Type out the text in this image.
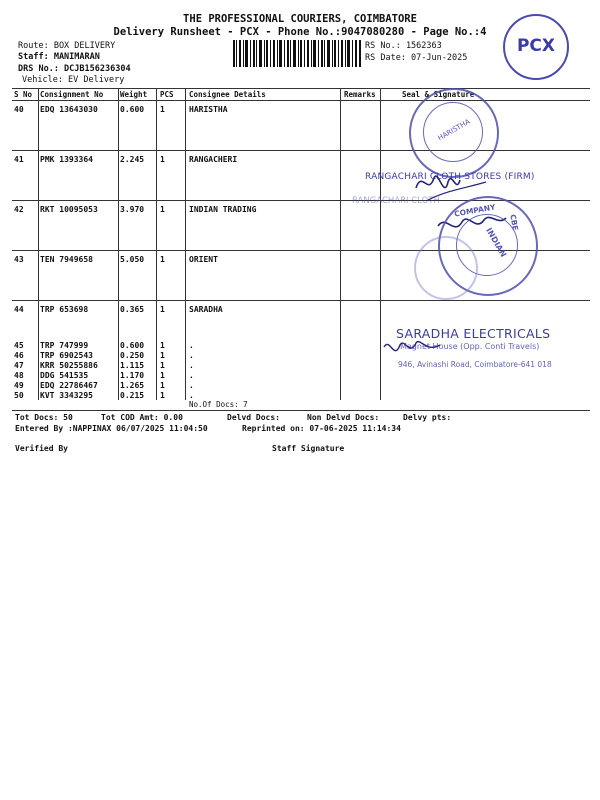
THE PROFESSIONAL COURIERS, COIMBATORE
Delivery Runsheet - PCX - Phone No.:9047080280 - Page No.:4
PCX
Route: BOX DELIVERY
Staff: MANIMARAN
DRS No.: DCJB156236304
Vehicle: EV Delivery
RS No.: 1562363
RS Date: 07-Jun-2025
S No Consignment No Weight PCS Consignee Details	Remarks	Seal & Signature
40 EDQ 13643030	0.600 1	HARISTHA
41 PMK 1393364	2.245 1	RANGACHERI
42 RKT 10095053	3.970 1	INDIAN TRADING
43 TEN 7949658	5.050 1	ORIENT
44 TRP 653698	0.365 1	SARADHA
45 TRP 747999	0.600 1	.
46 TRP 6902543	0.250 1	.
47 KRR 50255886	1.115 1	.
48 DDG 541535	1.170 1	.
49 EDQ 22786467	1.265 1	.
50 KVT 3343295	0.215 1	.
No.Of Docs: 7
Tot Docs: 50	Tot COD Amt: 0.00	Delvd Docs:	Non Delvd Docs:	Delvy pts:
Entered By :NAPPINAX 06/07/2025 11:04:50	Reprinted on: 07-06-2025 11:14:34
Verified By	Staff Signature
HARISTHA
RANGACHARI CLOTH STORES (FIRM)
RANGACHARI CLOTH
COMPANY
INDIAN
CBE
SARADHA ELECTRICALS
Magnet House (Opp. Conti Travels)
946, Avinashi Road, Coimbatore-641 018
